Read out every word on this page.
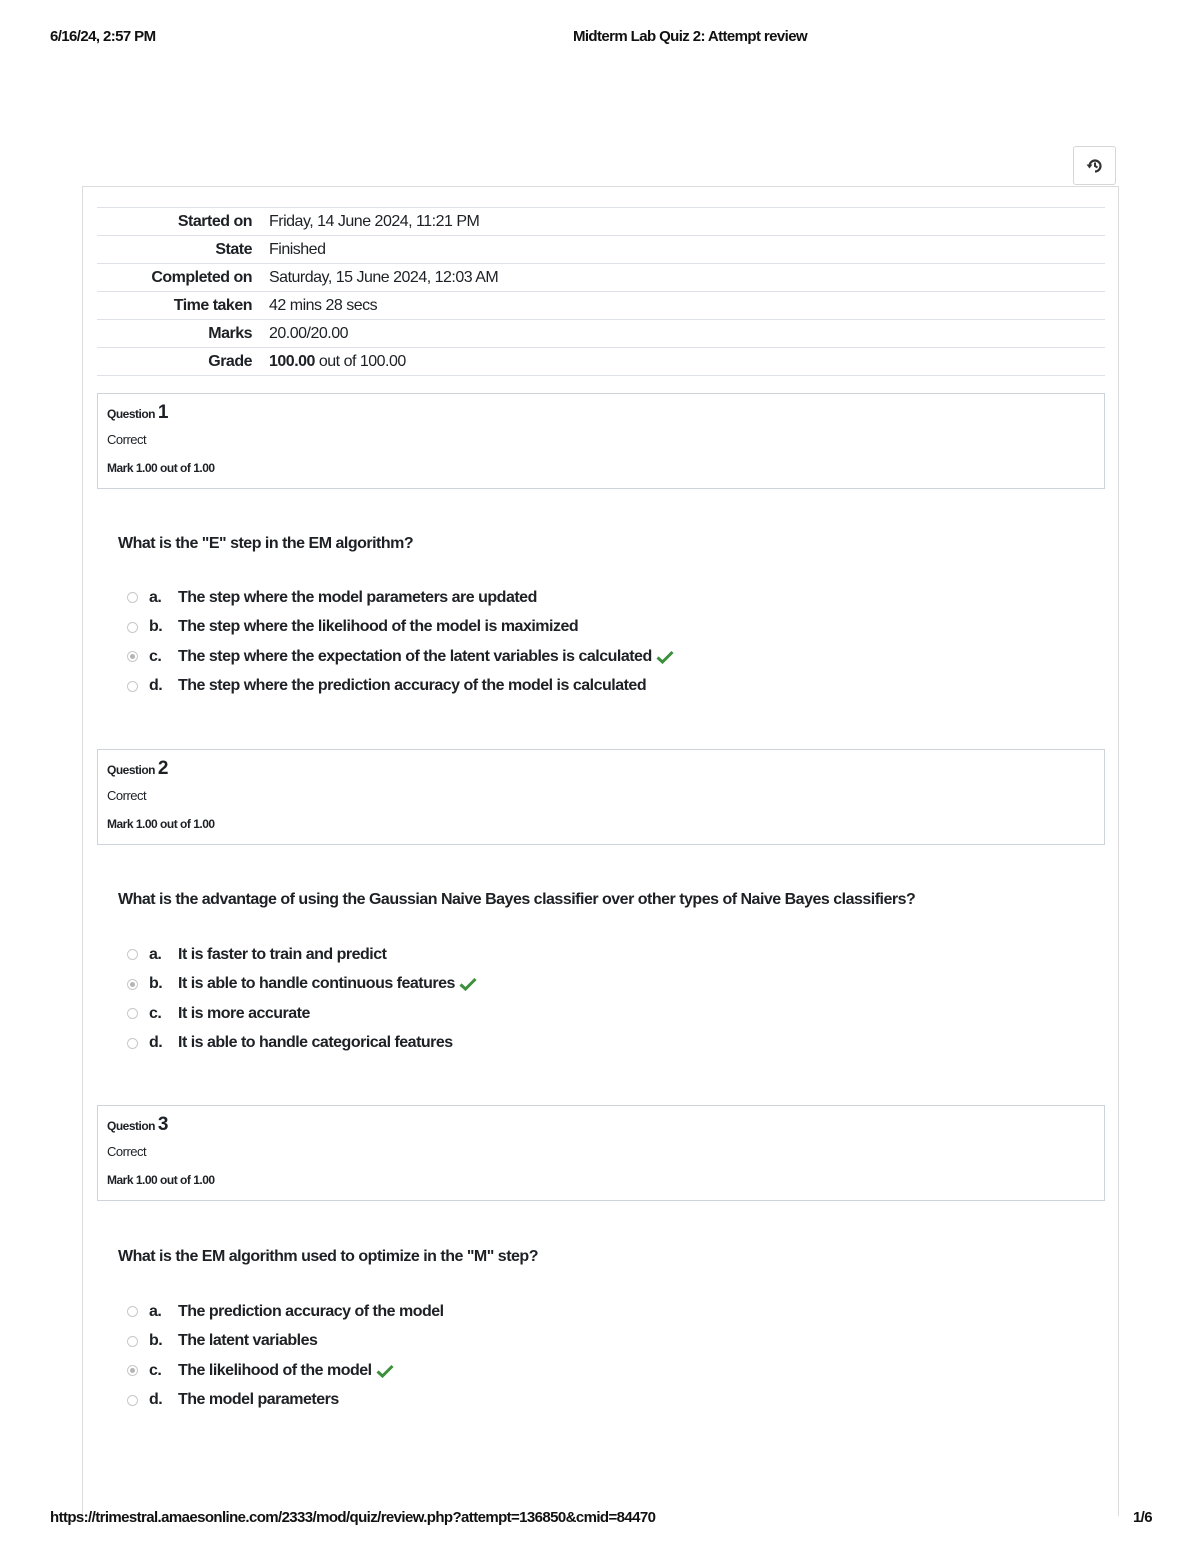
6/16/24, 2:57 PM	Midterm Lab Quiz 2: Attempt review
Started on	Friday, 14 June 2024, 11:21 PM
State	Finished
Completed on	Saturday, 15 June 2024, 12:03 AM
Time taken	42 mins 28 secs
Marks	20.00/20.00
Grade	100.00 out of 100.00
Question 1
Correct
Mark 1.00 out of 1.00
What is the "E" step in the EM algorithm?
a.	The step where the model parameters are updated
b. The step where the likelihood of the model is maximized
c.	The step where the expectation of the latent variables is calculated
d. The step where the prediction accuracy of the model is calculated
Question 2
Correct
Mark 1.00 out of 1.00
What is the advantage of using the Gaussian Naive Bayes classifier over other types of Naive Bayes classifiers?
a.	It is faster to train and predict
b. It is able to handle continuous features
c.	It is more accurate
d. It is able to handle categorical features
Question 3
Correct
Mark 1.00 out of 1.00
What is the EM algorithm used to optimize in the "M" step?
a.	The prediction accuracy of the model
b. The latent variables
c.	The likelihood of the model
d. The model parameters
https://trimestral.amaesonline.com/2333/mod/quiz/review.php?attempt=136850&cmid=84470	1/6
